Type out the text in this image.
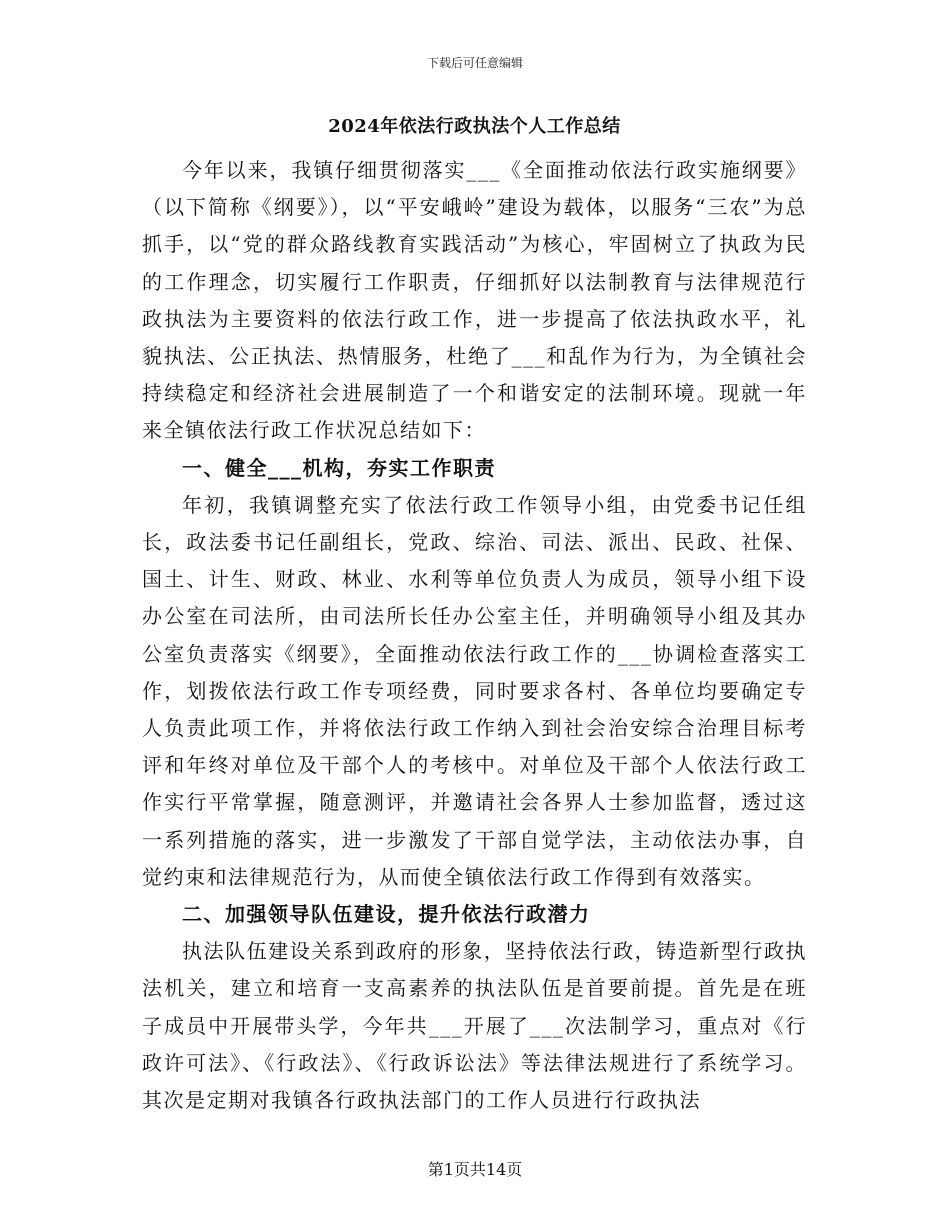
下载后可任意编辑
2024年依法行政执法个人工作总结

今年以来，我镇仔细贯彻落实___《全面推动依法行政实施纲要》（以下简称《纲要》），以“平安峨岭”建设为载体，以服务“三农”为总抓手，以“党的群众路线教育实践活动”为核心，牢固树立了执政为民的工作理念，切实履行工作职责，仔细抓好以法制教育与法律规范行政执法为主要资料的依法行政工作，进一步提高了依法执政水平，礼貌执法、公正执法、热情服务，杜绝了___和乱作为行为，为全镇社会持续稳定和经济社会进展制造了一个和谐安定的法制环境。现就一年来全镇依法行政工作状况总结如下：

一、健全___机构，夯实工作职责

年初，我镇调整充实了依法行政工作领导小组，由党委书记任组长，政法委书记任副组长，党政、综治、司法、派出、民政、社保、国土、计生、财政、林业、水利等单位负责人为成员，领导小组下设办公室在司法所，由司法所长任办公室主任，并明确领导小组及其办公室负责落实《纲要》，全面推动依法行政工作的___协调检查落实工作，划拨依法行政工作专项经费，同时要求各村、各单位均要确定专人负责此项工作，并将依法行政工作纳入到社会治安综合治理目标考评和年终对单位及干部个人的考核中。对单位及干部个人依法行政工作实行平常掌握，随意测评，并邀请社会各界人士参加监督，透过这一系列措施的落实，进一步激发了干部自觉学法，主动依法办事，自觉约束和法律规范行为，从而使全镇依法行政工作得到有效落实。

二、加强领导队伍建设，提升依法行政潜力

执法队伍建设关系到政府的形象，坚持依法行政，铸造新型行政执法机关，建立和培育一支高素养的执法队伍是首要前提。首先是在班子成员中开展带头学，今年共___开展了___次法制学习，重点对《行政许可法》、《行政法》、《行政诉讼法》等法律法规进行了系统学习。其次是定期对我镇各行政执法部门的工作人员进行行政执法

第1页共14页
